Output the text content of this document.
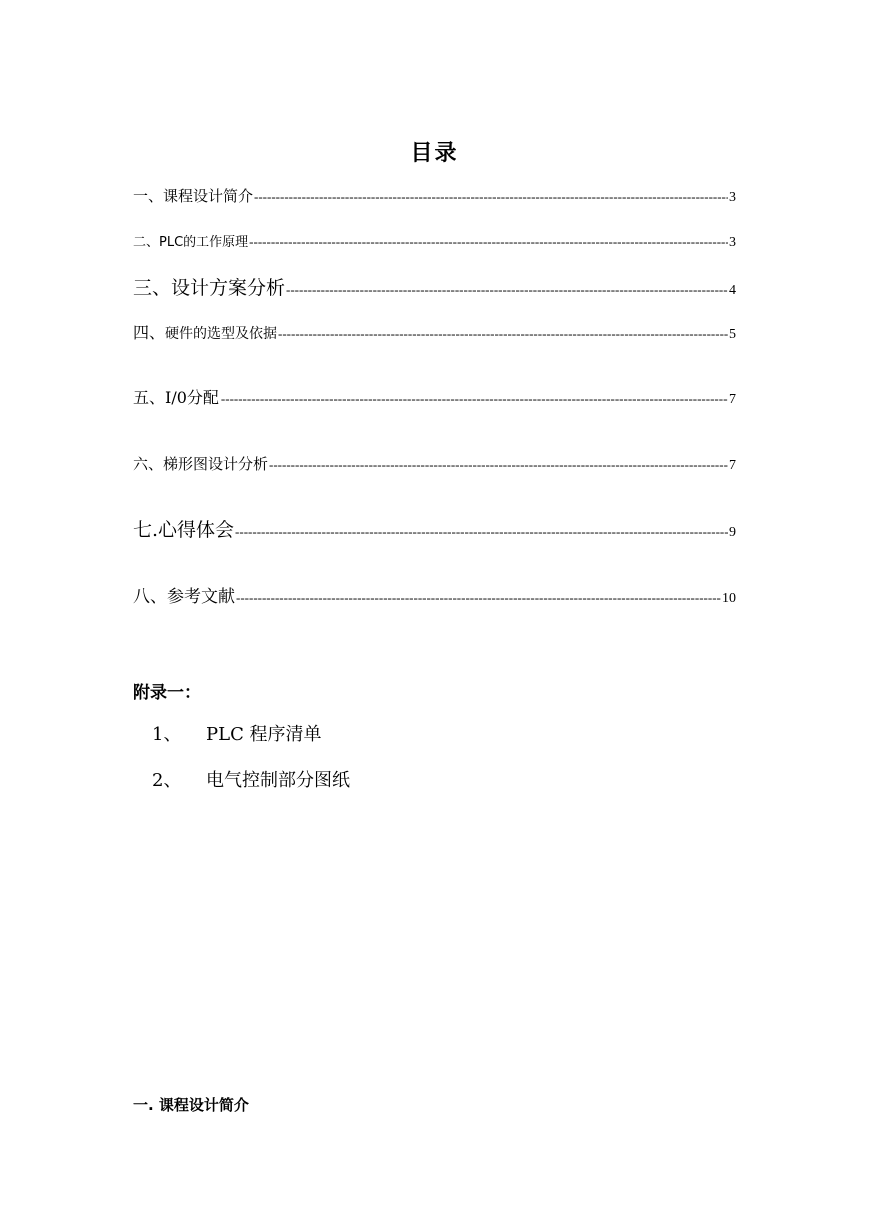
目录
一、课程设计简介 -----	3
二、PLC的工作原理 -----	3
三、设计方案分析 -----	4
四、硬件的选型及依据 -----	5
五、I/0分配 -----	7
六、梯形图设计分析 -----	7
七.心得体会 -----	9
八、参考文献 -----	10
附录一：
1、 PLC 程序清单
2、 电气控制部分图纸
一. 课程设计简介
